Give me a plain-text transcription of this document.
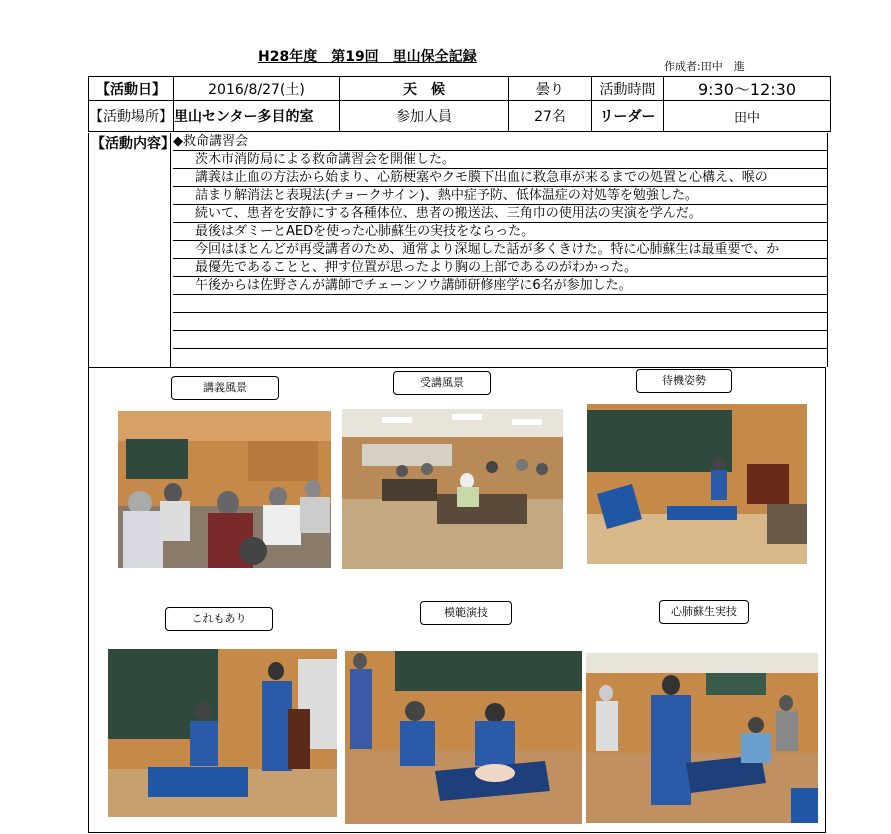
H28年度　第19回　里山保全記録
作成者:田中　進
【活動日】	2016/8/27(土)	天　候	曇り	活動時間	9:30～12:30
【活動場所】	里山センター多目的室	参加人員	27名	リーダー	田中
【活動内容】
◆救命講習会
茨木市消防局による救命講習会を開催した。
講義は止血の方法から始まり、心筋梗塞やクモ膜下出血に救急車が来るまでの処置と心構え、喉の
詰まり解消法と表現法(チョークサイン)、熱中症予防、低体温症の対処等を勉強した。
続いて、患者を安静にする各種体位、患者の搬送法、三角巾の使用法の実演を学んだ。
最後はダミーとAEDを使った心肺蘇生の実技をならった。
今回はほとんどが再受講者のため、通常より深堀した話が多くきけた。特に心肺蘇生は最重要で、か
最優先であることと、押す位置が思ったより胸の上部であるのがわかった。
午後からは佐野さんが講師でチェーンソウ講師研修座学に6名が参加した。
講義風景	受講風景	待機姿勢
これもあり	模範演技	心肺蘇生実技
